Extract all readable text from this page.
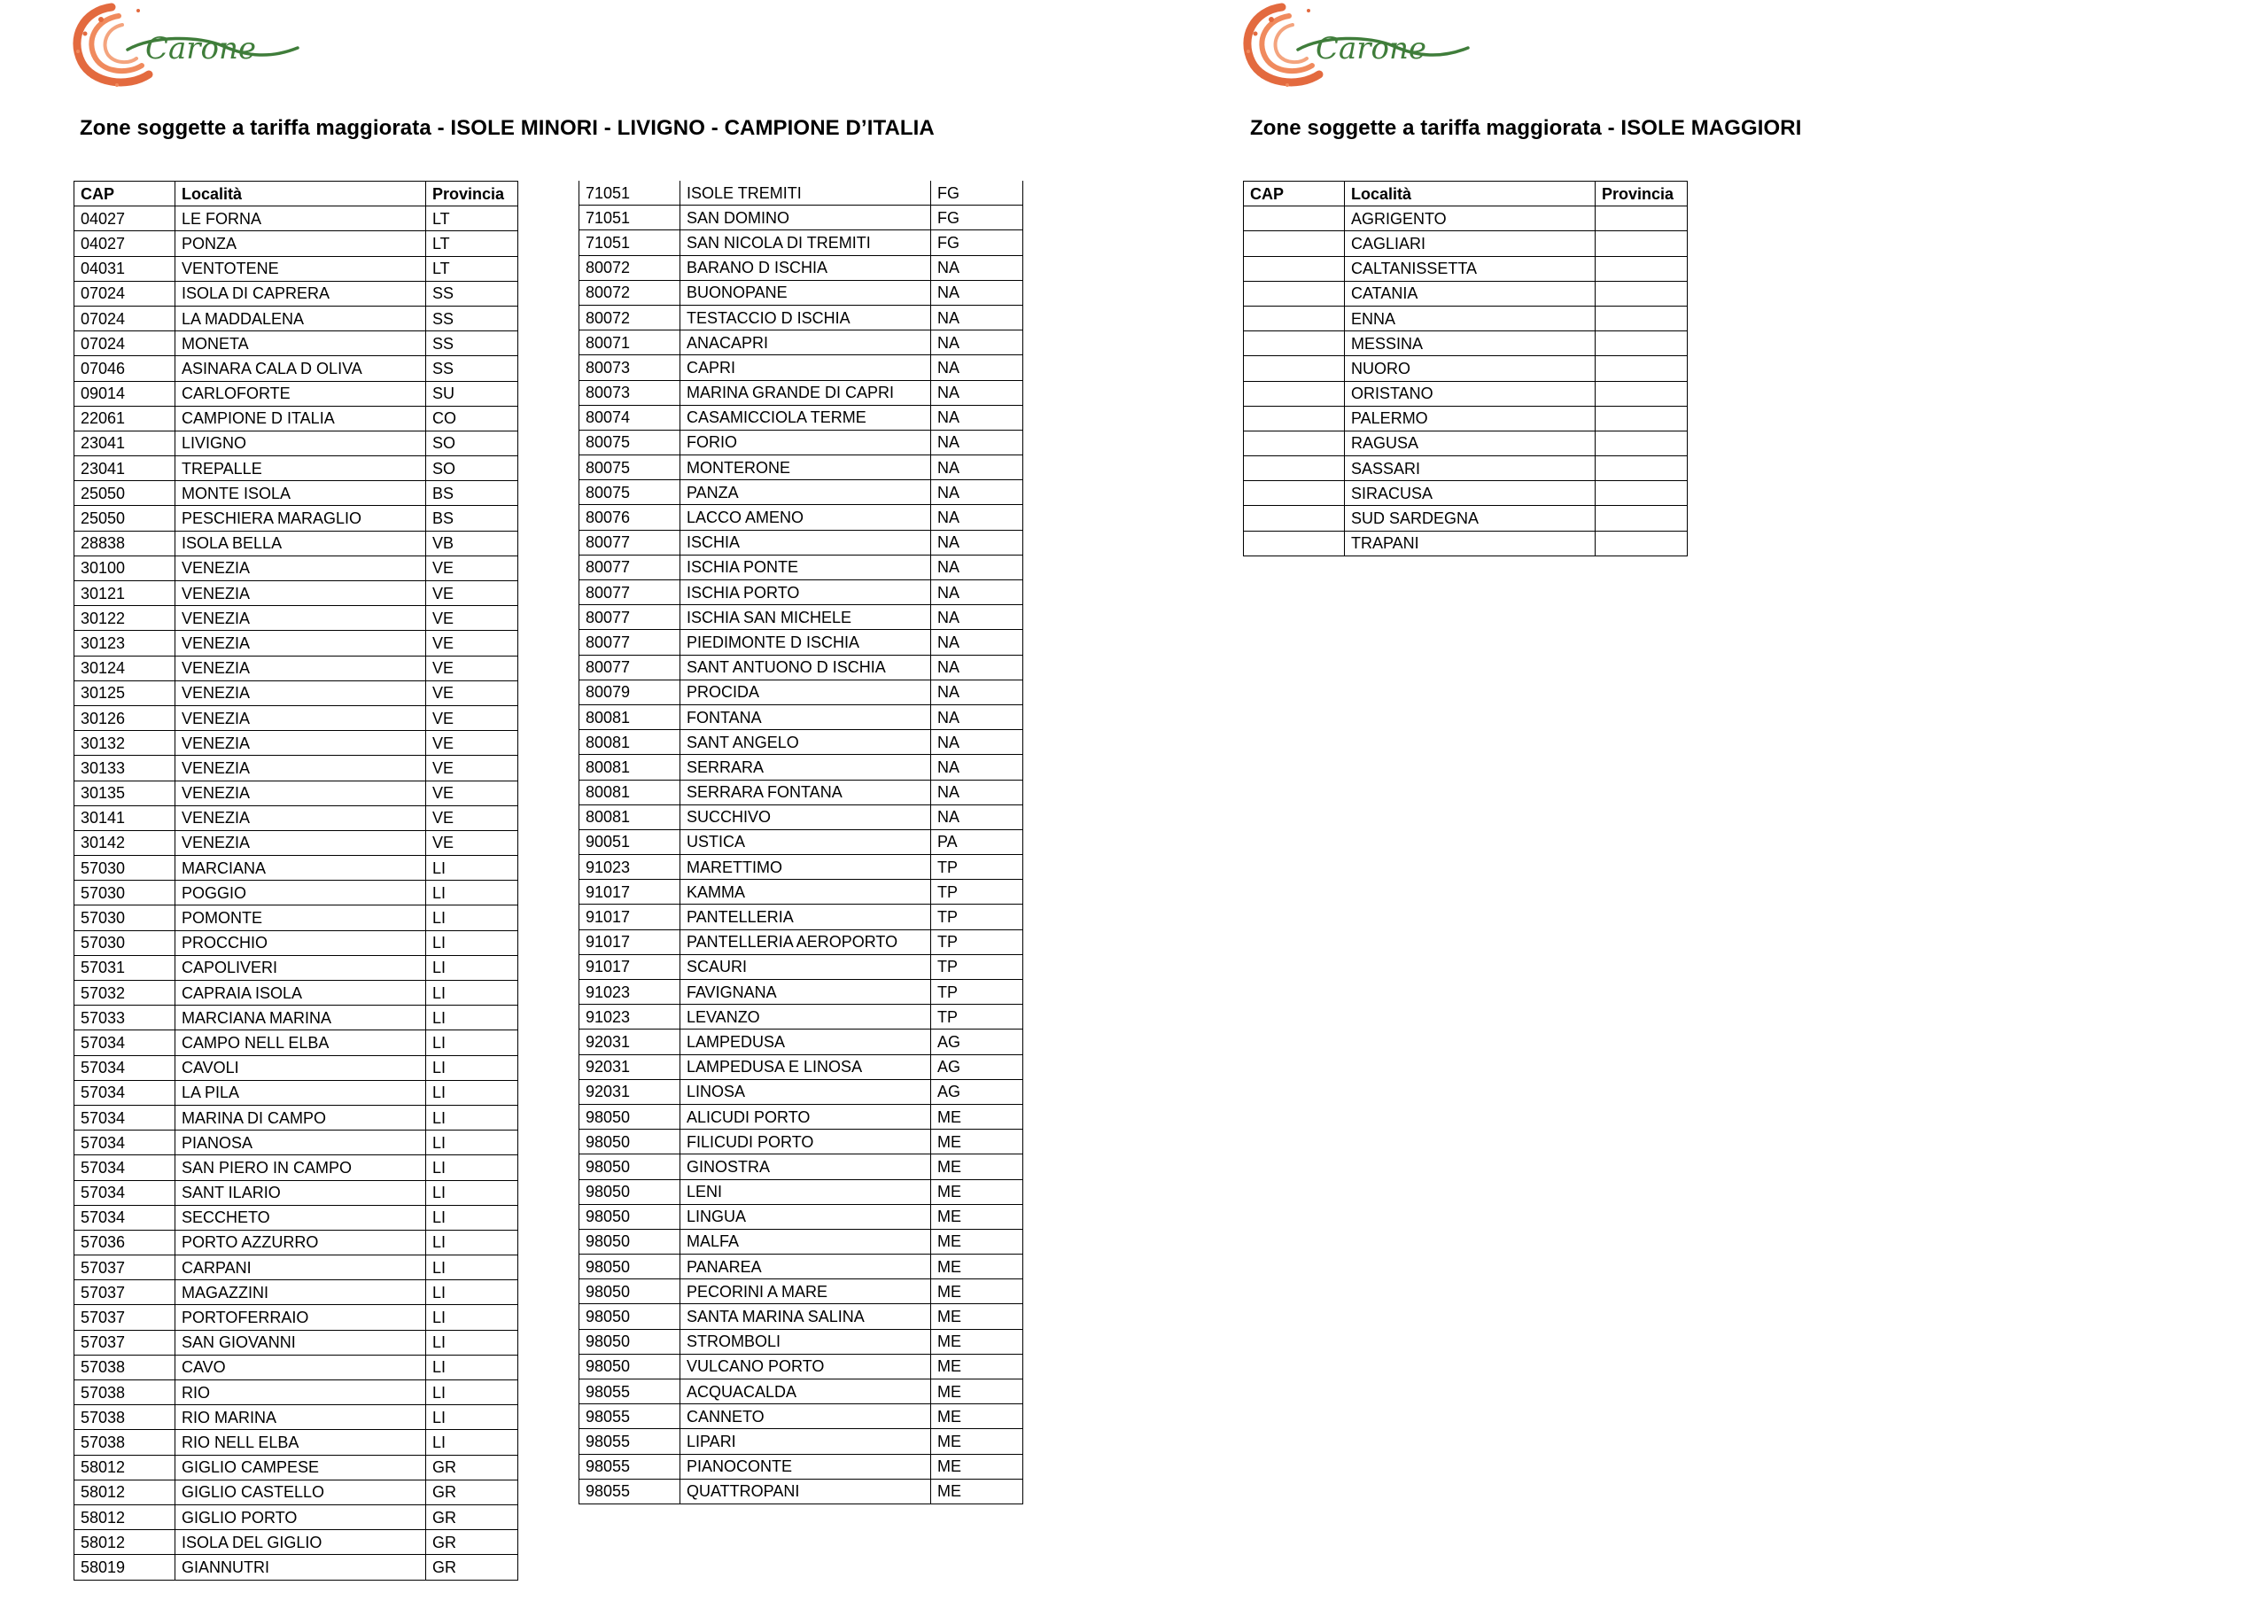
Carone	Carone
Zone soggette a tariffa maggiorata - ISOLE MINORI - LIVIGNO - CAMPIONE D’ITALIA	Zone soggette a tariffa maggiorata - ISOLE MAGGIORI
CAP	Località	Provincia
04027	LE FORNA	LT
04027	PONZA	LT
04031	VENTOTENE	LT
07024	ISOLA DI CAPRERA	SS
07024	LA MADDALENA	SS
07024	MONETA	SS
07046	ASINARA CALA D OLIVA	SS
09014	CARLOFORTE	SU
22061	CAMPIONE D ITALIA	CO
23041	LIVIGNO	SO
23041	TREPALLE	SO
25050	MONTE ISOLA	BS
25050	PESCHIERA MARAGLIO	BS
28838	ISOLA BELLA	VB
30100	VENEZIA	VE
30121	VENEZIA	VE
30122	VENEZIA	VE
30123	VENEZIA	VE
30124	VENEZIA	VE
30125	VENEZIA	VE
30126	VENEZIA	VE
30132	VENEZIA	VE
30133	VENEZIA	VE
30135	VENEZIA	VE
30141	VENEZIA	VE
30142	VENEZIA	VE
57030	MARCIANA	LI
57030	POGGIO	LI
57030	POMONTE	LI
57030	PROCCHIO	LI
57031	CAPOLIVERI	LI
57032	CAPRAIA ISOLA	LI
57033	MARCIANA MARINA	LI
57034	CAMPO NELL ELBA	LI
57034	CAVOLI	LI
57034	LA PILA	LI
57034	MARINA DI CAMPO	LI
57034	PIANOSA	LI
57034	SAN PIERO IN CAMPO	LI
57034	SANT ILARIO	LI
57034	SECCHETO	LI
57036	PORTO AZZURRO	LI
57037	CARPANI	LI
57037	MAGAZZINI	LI
57037	PORTOFERRAIO	LI
57037	SAN GIOVANNI	LI
57038	CAVO	LI
57038	RIO	LI
57038	RIO MARINA	LI
57038	RIO NELL ELBA	LI
58012	GIGLIO CAMPESE	GR
58012	GIGLIO CASTELLO	GR
58012	GIGLIO PORTO	GR
58012	ISOLA DEL GIGLIO	GR
58019	GIANNUTRI	GR
71051	ISOLE TREMITI	FG
71051	SAN DOMINO	FG
71051	SAN NICOLA DI TREMITI	FG
80072	BARANO D ISCHIA	NA
80072	BUONOPANE	NA
80072	TESTACCIO D ISCHIA	NA
80071	ANACAPRI	NA
80073	CAPRI	NA
80073	MARINA GRANDE DI CAPRI	NA
80074	CASAMICCIOLA TERME	NA
80075	FORIO	NA
80075	MONTERONE	NA
80075	PANZA	NA
80076	LACCO AMENO	NA
80077	ISCHIA	NA
80077	ISCHIA PONTE	NA
80077	ISCHIA PORTO	NA
80077	ISCHIA SAN MICHELE	NA
80077	PIEDIMONTE D ISCHIA	NA
80077	SANT ANTUONO D ISCHIA	NA
80079	PROCIDA	NA
80081	FONTANA	NA
80081	SANT ANGELO	NA
80081	SERRARA	NA
80081	SERRARA FONTANA	NA
80081	SUCCHIVO	NA
90051	USTICA	PA
91023	MARETTIMO	TP
91017	KAMMA	TP
91017	PANTELLERIA	TP
91017	PANTELLERIA AEROPORTO	TP
91017	SCAURI	TP
91023	FAVIGNANA	TP
91023	LEVANZO	TP
92031	LAMPEDUSA	AG
92031	LAMPEDUSA E LINOSA	AG
92031	LINOSA	AG
98050	ALICUDI PORTO	ME
98050	FILICUDI PORTO	ME
98050	GINOSTRA	ME
98050	LENI	ME
98050	LINGUA	ME
98050	MALFA	ME
98050	PANAREA	ME
98050	PECORINI A MARE	ME
98050	SANTA MARINA SALINA	ME
98050	STROMBOLI	ME
98050	VULCANO PORTO	ME
98055	ACQUACALDA	ME
98055	CANNETO	ME
98055	LIPARI	ME
98055	PIANOCONTE	ME
98055	QUATTROPANI	ME
CAP	Località	Provincia
	AGRIGENTO	
	CAGLIARI	
	CALTANISSETTA	
	CATANIA	
	ENNA	
	MESSINA	
	NUORO	
	ORISTANO	
	PALERMO	
	RAGUSA	
	SASSARI	
	SIRACUSA	
	SUD SARDEGNA	
	TRAPANI	
